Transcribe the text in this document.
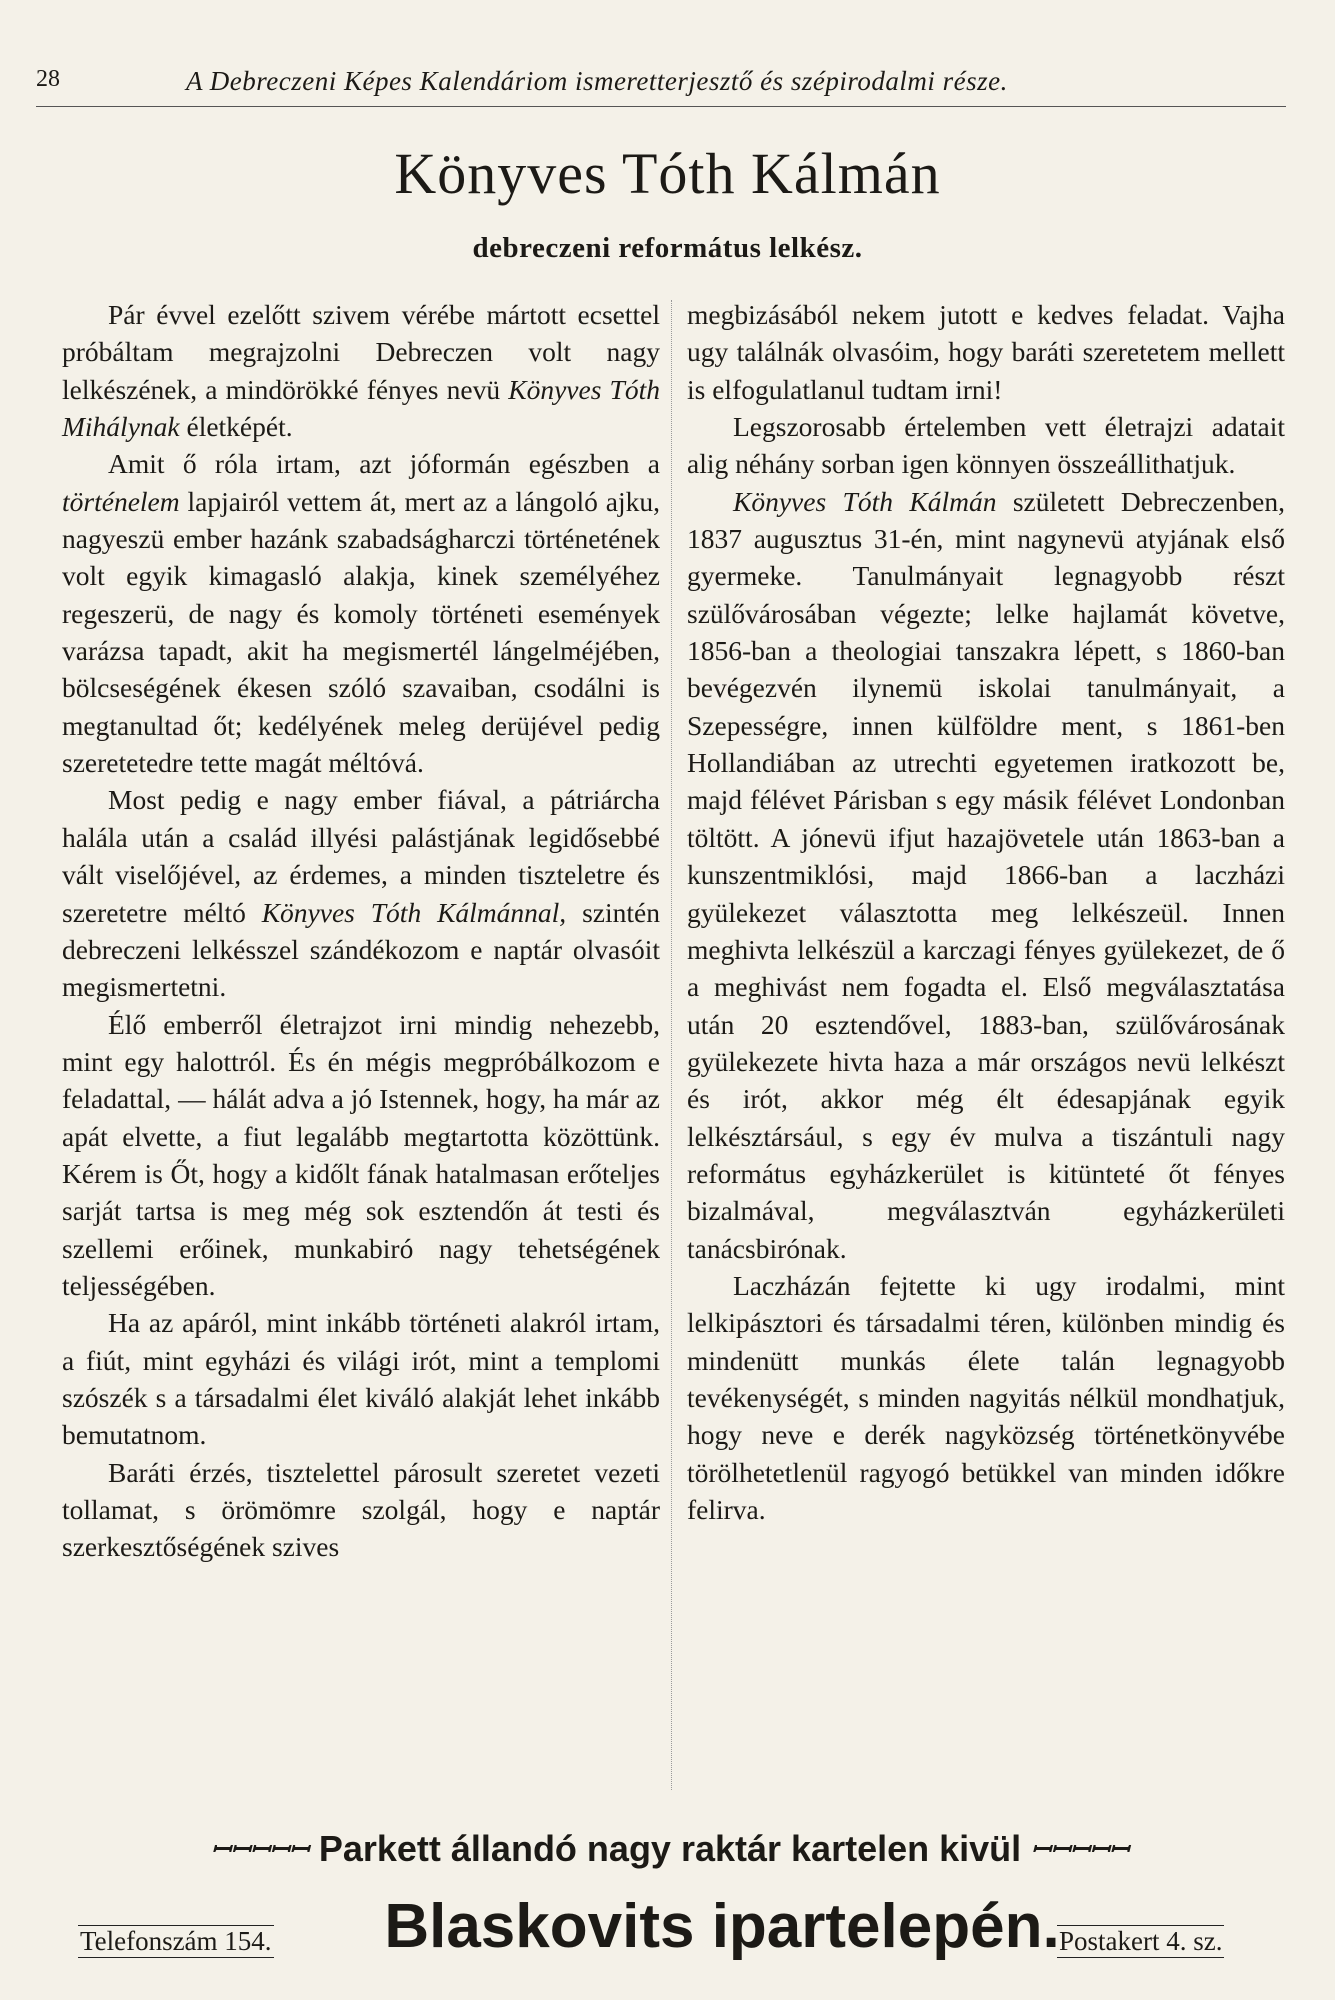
28	A Debreczeni Képes Kalendáriom ismeretterjesztő és szépirodalmi része.
Könyves Tóth Kálmán
debreczeni református lelkész.

Pár évvel ezelőtt szivem vérébe mártott ecsettel próbáltam megrajzolni Debreczen volt nagy lelkészének, a mindörökké fényes nevü Könyves Tóth Mihálynak életképét.

Amit ő róla irtam, azt jóformán egészben a történelem lapjairól vettem át, mert az a lángoló ajku, nagyeszü ember hazánk szabadságharczi történetének volt egyik kimagasló alakja, kinek személyéhez regeszerü, de nagy és komoly történeti események varázsa tapadt, akit ha megismertél lángelméjében, bölcseségének ékesen szóló szavaiban, csodálni is megtanultad őt; kedélyének meleg derüjével pedig szeretetedre tette magát méltóvá.

Most pedig e nagy ember fiával, a pátriárcha halála után a család illyési palástjának legidősebbé vált viselőjével, az érdemes, a minden tiszteletre és szeretetre méltó Könyves Tóth Kálmánnal, szintén debreczeni lelkésszel szándékozom e naptár olvasóit megismertetni.

Élő emberről életrajzot irni mindig nehezebb, mint egy halottról. És én mégis megpróbálkozom e feladattal, — hálát adva a jó Istennek, hogy, ha már az apát elvette, a fiut legalább megtartotta közöttünk. Kérem is Őt, hogy a kidőlt fának hatalmasan erőteljes sarját tartsa is meg még sok esztendőn át testi és szellemi erőinek, munkabiró nagy tehetségének teljességében.

Ha az apáról, mint inkább történeti alakról irtam, a fiút, mint egyházi és világi irót, mint a templomi szószék s a társadalmi élet kiváló alakját lehet inkább bemutatnom.

Baráti érzés, tisztelettel párosult szeretet vezeti tollamat, s örömömre szolgál, hogy e naptár szerkesztőségének szives

megbizásából nekem jutott e kedves feladat. Vajha ugy találnák olvasóim, hogy baráti szeretetem mellett is elfogulatlanul tudtam irni!

Legszorosabb értelemben vett életrajzi adatait alig néhány sorban igen könnyen összeállithatjuk.

Könyves Tóth Kálmán született Debreczenben, 1837 augusztus 31-én, mint nagynevü atyjának első gyermeke. Tanulmányait legnagyobb részt szülővárosában végezte; lelke hajlamát követve, 1856-ban a theologiai tanszakra lépett, s 1860-ban bevégezvén ilynemü iskolai tanulmányait, a Szepességre, innen külföldre ment, s 1861-ben Hollandiában az utrechti egyetemen iratkozott be, majd félévet Párisban s egy másik félévet Londonban töltött. A jónevü ifjut hazajövetele után 1863-ban a kunszentmiklósi, majd 1866-ban a laczházi gyülekezet választotta meg lelkészeül. Innen meghivta lelkészül a karczagi fényes gyülekezet, de ő a meghivást nem fogadta el. Első megválasztatása után 20 esztendővel, 1883-ban, szülővárosának gyülekezete hivta haza a már országos nevü lelkészt és irót, akkor még élt édesapjának egyik lelkésztársául, s egy év mulva a tiszántuli nagy református egyházkerület is kitünteté őt fényes bizalmával, megválasztván egyházkerületi tanácsbirónak.

Laczházán fejtette ki ugy irodalmi, mint lelkipásztori és társadalmi téren, különben mindig és mindenütt munkás élete talán legnagyobb tevékenységét, s minden nagyitás nélkül mondhatjuk, hogy neve e derék nagyközség történetkönyvébe törölhetetlenül ragyogó betükkel van minden időkre felirva.

ꟷꟷꟷꟷꟷ Parkett állandó nagy raktár kartelen kivül ꟷꟷꟷꟷꟷ
Telefonszám 154.	Blaskovits ipartelepén. Postakert 4. sz.
